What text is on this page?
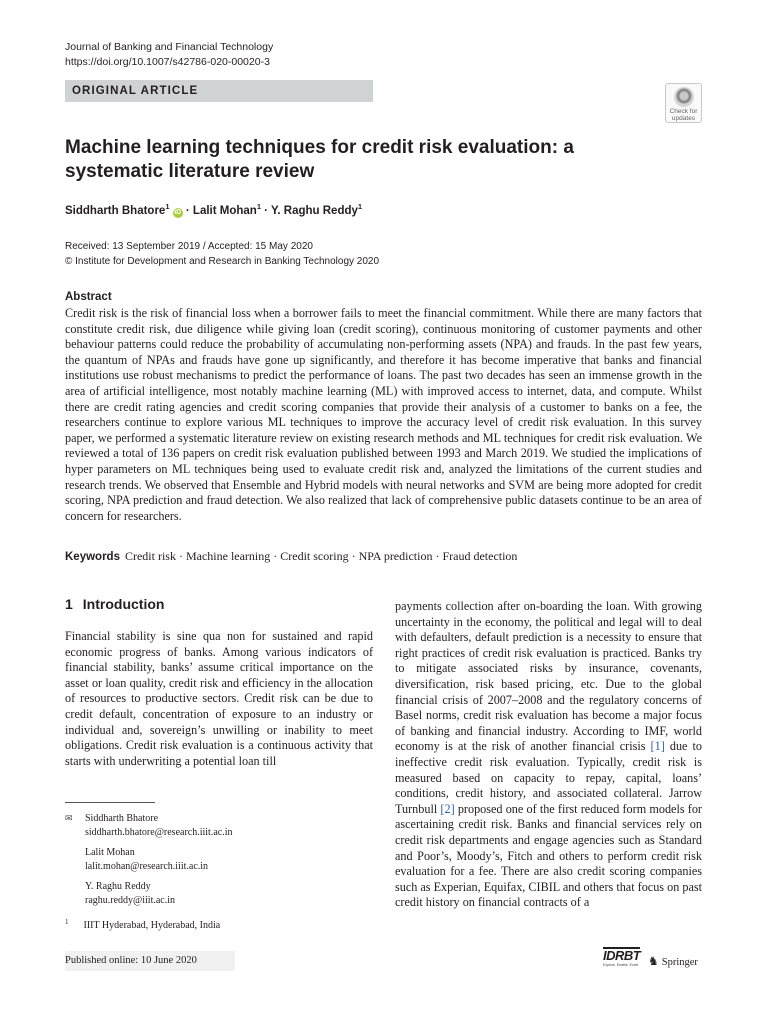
Journal of Banking and Financial Technology
https://doi.org/10.1007/s42786-020-00020-3
ORIGINAL ARTICLE
Check for
updates
Machine learning techniques for credit risk evaluation: a systematic literature review
Siddharth Bhatore$^1$ iD · Lalit Mohan$^1$ · Y. Raghu Reddy$^1$
Received: 13 September 2019 / Accepted: 15 May 2020
© Institute for Development and Research in Banking Technology 2020
Abstract
Credit risk is the risk of financial loss when a borrower fails to meet the financial commitment. While there are many factors that constitute credit risk, due diligence while giving loan (credit scoring), continuous monitoring of customer payments and other behaviour patterns could reduce the probability of accumulating non-performing assets (NPA) and frauds. In the past few years, the quantum of NPAs and frauds have gone up significantly, and therefore it has become imperative that banks and financial institutions use robust mechanisms to predict the performance of loans. The past two decades has seen an immense growth in the area of artificial intelligence, most notably machine learning (ML) with improved access to internet, data, and compute. Whilst there are credit rating agencies and credit scoring companies that provide their analysis of a customer to banks on a fee, the researchers continue to explore various ML techniques to improve the accuracy level of credit risk evaluation. In this survey paper, we performed a systematic literature review on existing research methods and ML techniques for credit risk evaluation. We reviewed a total of 136 papers on credit risk evaluation published between 1993 and March 2019. We studied the implications of hyper parameters on ML techniques being used to evaluate credit risk and, analyzed the limitations of the current studies and research trends. We observed that Ensemble and Hybrid models with neural networks and SVM are being more adopted for credit scoring, NPA prediction and fraud detection. We also realized that lack of comprehensive public datasets continue to be an area of concern for researchers.
Keywords Credit risk · Machine learning · Credit scoring · NPA prediction · Fraud detection
1 Introduction
Financial stability is sine qua non for sustained and rapid economic progress of banks. Among various indicators of financial stability, banks’ assume critical importance on the asset or loan quality, credit risk and efficiency in the allocation of resources to productive sectors. Credit risk can be due to credit default, concentration of exposure to an industry or individual and, sovereign’s unwilling or inability to meet obligations. Credit risk evaluation is a continuous activity that starts with underwriting a potential loan till
payments collection after on-boarding the loan. With growing uncertainty in the economy, the political and legal will to deal with defaulters, default prediction is a necessity to ensure that right practices of credit risk evaluation is practiced. Banks try to mitigate associated risks by insurance, covenants, diversification, risk based pricing, etc. Due to the global financial crisis of 2007–2008 and the regulatory concerns of Basel norms, credit risk evaluation has become a major focus of banking and financial industry. According to IMF, world economy is at the risk of another financial crisis [1] due to ineffective credit risk evaluation. Typically, credit risk is measured based on capacity to repay, capital, loans’ conditions, credit history, and associated collateral. Jarrow Turnbull [2] proposed one of the first reduced form models for ascertaining credit risk. Banks and financial services rely on credit risk departments and engage agencies such as Standard and Poor’s, Moody’s, Fitch and others to perform credit risk evaluation for a fee. There are also credit scoring companies such as Experian, Equifax, CIBIL and others that focus on past credit history on financial contracts of a
✉	Siddharth Bhatore
siddharth.bhatore@research.iiit.ac.in
Lalit Mohan
lalit.mohan@research.iiit.ac.in
Y. Raghu Reddy
raghu.reddy@iiit.ac.in
$^1$ IIIT Hyderabad, Hyderabad, India
Published online: 10 June 2020	IDRBT
Explore. Enable. Excel ♞ Springer
